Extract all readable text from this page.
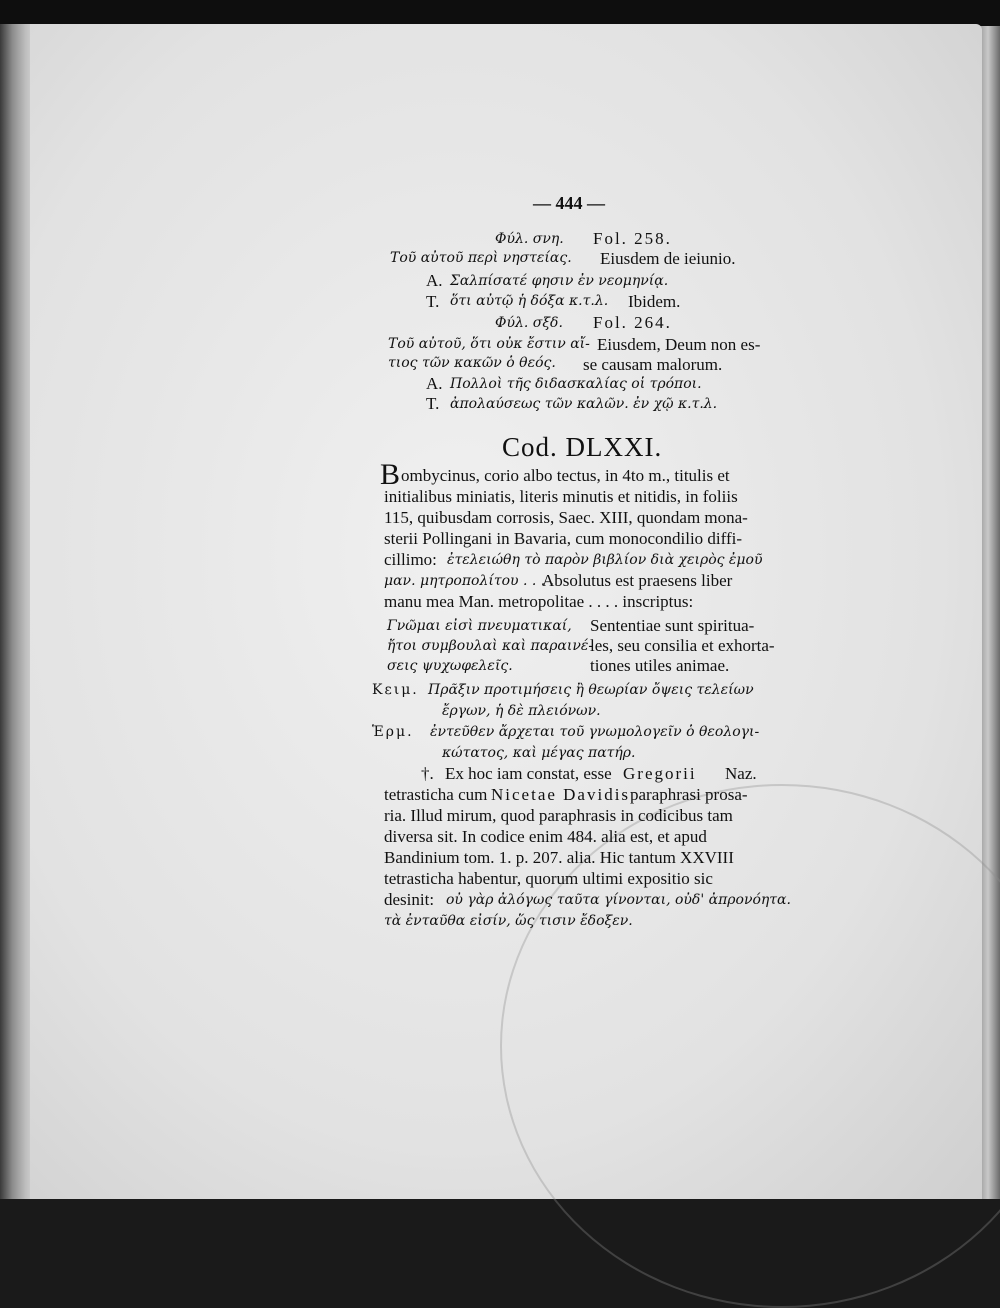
— 444 —
Φύλ. σνη. Fol. 258.
Τοῦ αὐτοῦ περὶ νηστείας. Eiusdem de ieiunio.
A. Σαλπίσατέ φησιν ἐν νεομηνίᾳ.
T. ὅτι αὐτῷ ἡ δόξα κ.τ.λ. Ibidem.
Φύλ. σξδ. Fol. 264.
Τοῦ αὐτοῦ, ὅτι οὐκ ἔστιν αἴ- Eiusdem, Deum non es-
τιος τῶν κακῶν ὁ θεός. se causam malorum.
A. Πολλοὶ τῆς διδασκαλίας οἱ τρόποι.
T. ἀπολαύσεως τῶν καλῶν. ἐν χῷ κ.τ.λ.
Cod. DLXXI.
B ombycinus, corio albo tectus, in 4to m., titulis et
initialibus miniatis, literis minutis et nitidis, in foliis
115, quibusdam corrosis, Saec. XIII, quondam mona-
sterii Pollingani in Bavaria, cum monocondilio diffi-
cillimo: ἐτελειώθη τὸ παρὸν βιβλίον διὰ χειρὸς ἐμοῦ
μαν. μητροπολίτου . . . .
Absolutus est praesens liber
manu mea Man. metropolitae . . . . inscriptus:
Γνῶμαι εἰσὶ πνευματικαί,
ἤτοι συμβουλαὶ καὶ παραινέ-
σεις ψυχωφελεῖς.
Sententiae sunt spiritua-
les, seu consilia et exhorta-
tiones utiles animae.
Κειμ. Πρᾶξιν προτιμήσεις ἢ θεωρίαν ὄψεις τελείων
ἔργων, ἡ δὲ πλειόνων.
Ἑρμ. ἐντεῦθεν ἄρχεται τοῦ γνωμολογεῖν ὁ θεολογι-
κώτατος, καὶ μέγας πατήρ.
†. Ex hoc iam constat, esse Gregorii Naz.
tetrasticha cum Nicetae Davidis paraphrasi prosa-
ria. Illud mirum, quod paraphrasis in codicibus tam
diversa sit. In codice enim 484. alia est, et apud
Bandinium tom. 1. p. 207. alia. Hic tantum XXVIII
tetrasticha habentur, quorum ultimi expositio sic
desinit: οὐ γὰρ ἀλόγως ταῦτα γίνονται, οὐδ' ἀπρονόητα.
τὰ ἐνταῦθα εἰσίν, ὥς τισιν ἔδοξεν.
